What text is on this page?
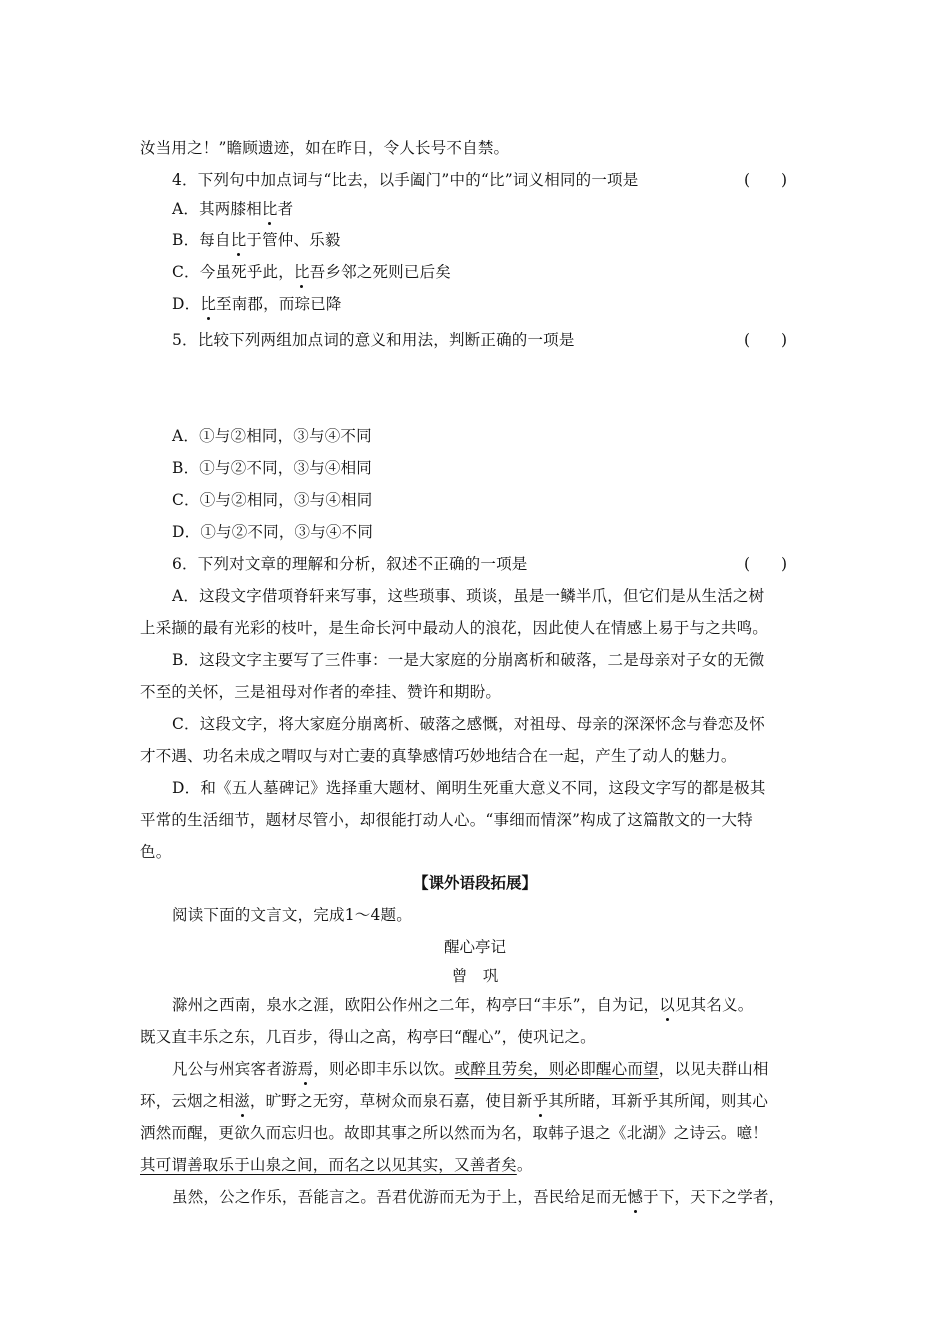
汝当用之！”瞻顾遗迹，如在昨日，令人长号不自禁。
4．下列句中加点词与“比去，以手阖门”中的“比”词义相同的一项是	(　　)
A．其两膝相比者
B．每自比于管仲、乐毅
C．今虽死乎此，比吾乡邻之死则已后矣
D．比至南郡，而琮已降
5．比较下列两组加点词的意义和用法，判断正确的一项是	(　　)
A．①与②相同，③与④不同
B．①与②不同，③与④相同
C．①与②相同，③与④相同
D．①与②不同，③与④不同
6．下列对文章的理解和分析，叙述不正确的一项是	(　　)
A．这段文字借项脊轩来写事，这些琐事、琐谈，虽是一鳞半爪，但它们是从生活之树
上采撷的最有光彩的枝叶，是生命长河中最动人的浪花，因此使人在情感上易于与之共鸣。
B．这段文字主要写了三件事：一是大家庭的分崩离析和破落，二是母亲对子女的无微
不至的关怀，三是祖母对作者的牵挂、赞许和期盼。
C．这段文字，将大家庭分崩离析、破落之感慨，对祖母、母亲的深深怀念与眷恋及怀
才不遇、功名未成之喟叹与对亡妻的真挚感情巧妙地结合在一起，产生了动人的魅力。
D．和《五人墓碑记》选择重大题材、阐明生死重大意义不同，这段文字写的都是极其
平常的生活细节，题材尽管小，却很能打动人心。“事细而情深”构成了这篇散文的一大特
色。
【课外语段拓展】
阅读下面的文言文，完成1～4题。
醒心亭记
曾　巩
滁州之西南，泉水之涯，欧阳公作州之二年，构亭曰“丰乐”，自为记，以见其名义。
既又直丰乐之东，几百步，得山之高，构亭曰“醒心”，使巩记之。
凡公与州宾客者游焉，则必即丰乐以饮。或醉且劳矣，则必即醒心而望，以见夫群山相
环，云烟之相滋，旷野之无穷，草树众而泉石嘉，使目新乎其所睹，耳新乎其所闻，则其心
洒然而醒，更欲久而忘归也。故即其事之所以然而为名，取韩子退之《北湖》之诗云。噫！
其可谓善取乐于山泉之间，而名之以见其实，又善者矣。
虽然，公之作乐，吾能言之。吾君优游而无为于上，吾民给足而无憾于下，天下之学者，
